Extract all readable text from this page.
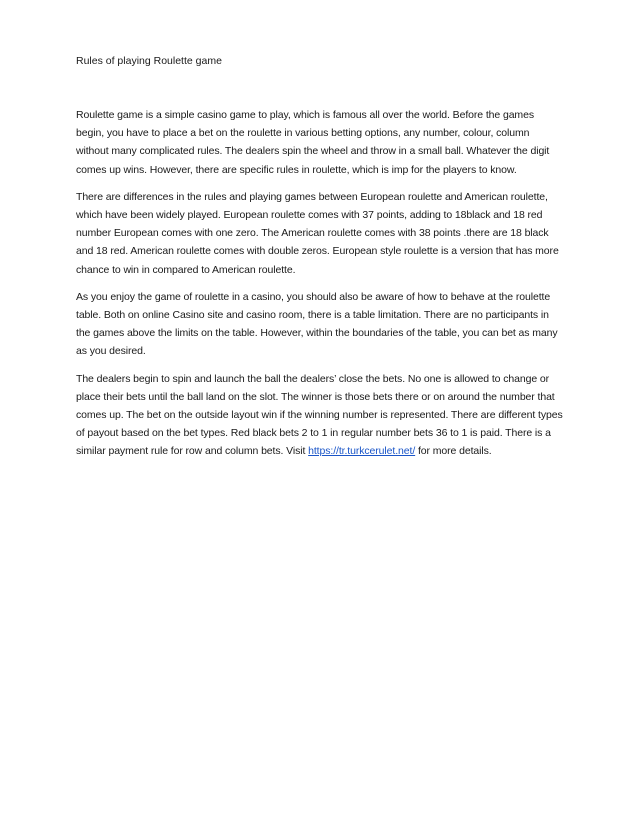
Rules of playing Roulette game

Roulette game is a simple casino game to play, which is famous all over the world. Before the games begin, you have to place a bet on the roulette in various betting options, any number, colour, column without many complicated rules. The dealers spin the wheel and throw in a small ball. Whatever the digit comes up wins. However, there are specific rules in roulette, which is imp for the players to know.

There are differences in the rules and playing games between European roulette and American roulette, which have been widely played. European roulette comes with 37 points, adding to 18black and 18 red number European comes with one zero. The American roulette comes with 38 points .there are 18 black and 18 red. American roulette comes with double zeros. European style roulette is a version that has more chance to win in compared to American roulette.

As you enjoy the game of roulette in a casino, you should also be aware of how to behave at the roulette table. Both on online Casino site and casino room, there is a table limitation. There are no participants in the games above the limits on the table. However, within the boundaries of the table, you can bet as many as you desired.

The dealers begin to spin and launch the ball the dealers’ close the bets. No one is allowed to change or place their bets until the ball land on the slot. The winner is those bets there or on around the number that comes up. The bet on the outside layout win if the winning number is represented. There are different types of payout based on the bet types. Red black bets 2 to 1 in regular number bets 36 to 1 is paid. There is a similar payment rule for row and column bets. Visit https://tr.turkcerulet.net/ for more details.
